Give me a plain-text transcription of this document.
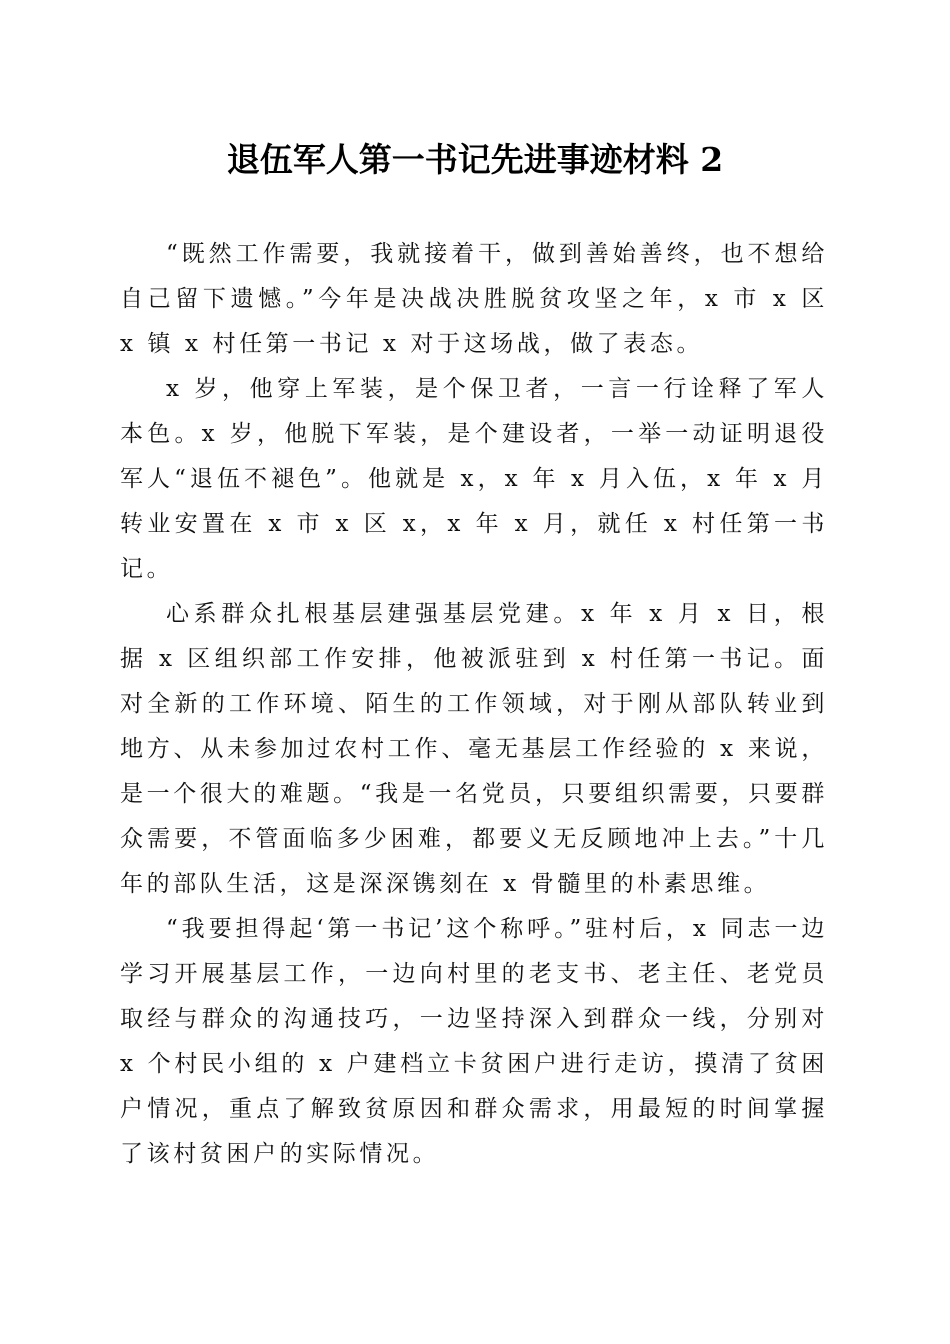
退伍军人第一书记先进事迹材料 2

“既然工作需要，我就接着干，做到善始善终，也不想给自己留下遗憾。”今年是决战决胜脱贫攻坚之年，x 市 x 区 x 镇 x 村任第一书记 x 对于这场战，做了表态。

x 岁，他穿上军装，是个保卫者，一言一行诠释了军人本色。x 岁，他脱下军装，是个建设者，一举一动证明退役军人“退伍不褪色”。他就是 x，x 年 x 月入伍，x 年 x 月转业安置在 x 市 x 区 x，x 年 x 月，就任 x 村任第一书记。

心系群众扎根基层建强基层党建。x 年 x 月 x 日，根据 x 区组织部工作安排，他被派驻到 x 村任第一书记。面对全新的工作环境、陌生的工作领域，对于刚从部队转业到地方、从未参加过农村工作、毫无基层工作经验的 x 来说，是一个很大的难题。“我是一名党员，只要组织需要，只要群众需要，不管面临多少困难，都要义无反顾地冲上去。”十几年的部队生活，这是深深镌刻在 x 骨髓里的朴素思维。

“我要担得起‘第一书记’这个称呼。”驻村后，x 同志一边学习开展基层工作，一边向村里的老支书、老主任、老党员取经与群众的沟通技巧，一边坚持深入到群众一线，分别对 x 个村民小组的 x 户建档立卡贫困户进行走访，摸清了贫困户情况，重点了解致贫原因和群众需求，用最短的时间掌握了该村贫困户的实际情况。
